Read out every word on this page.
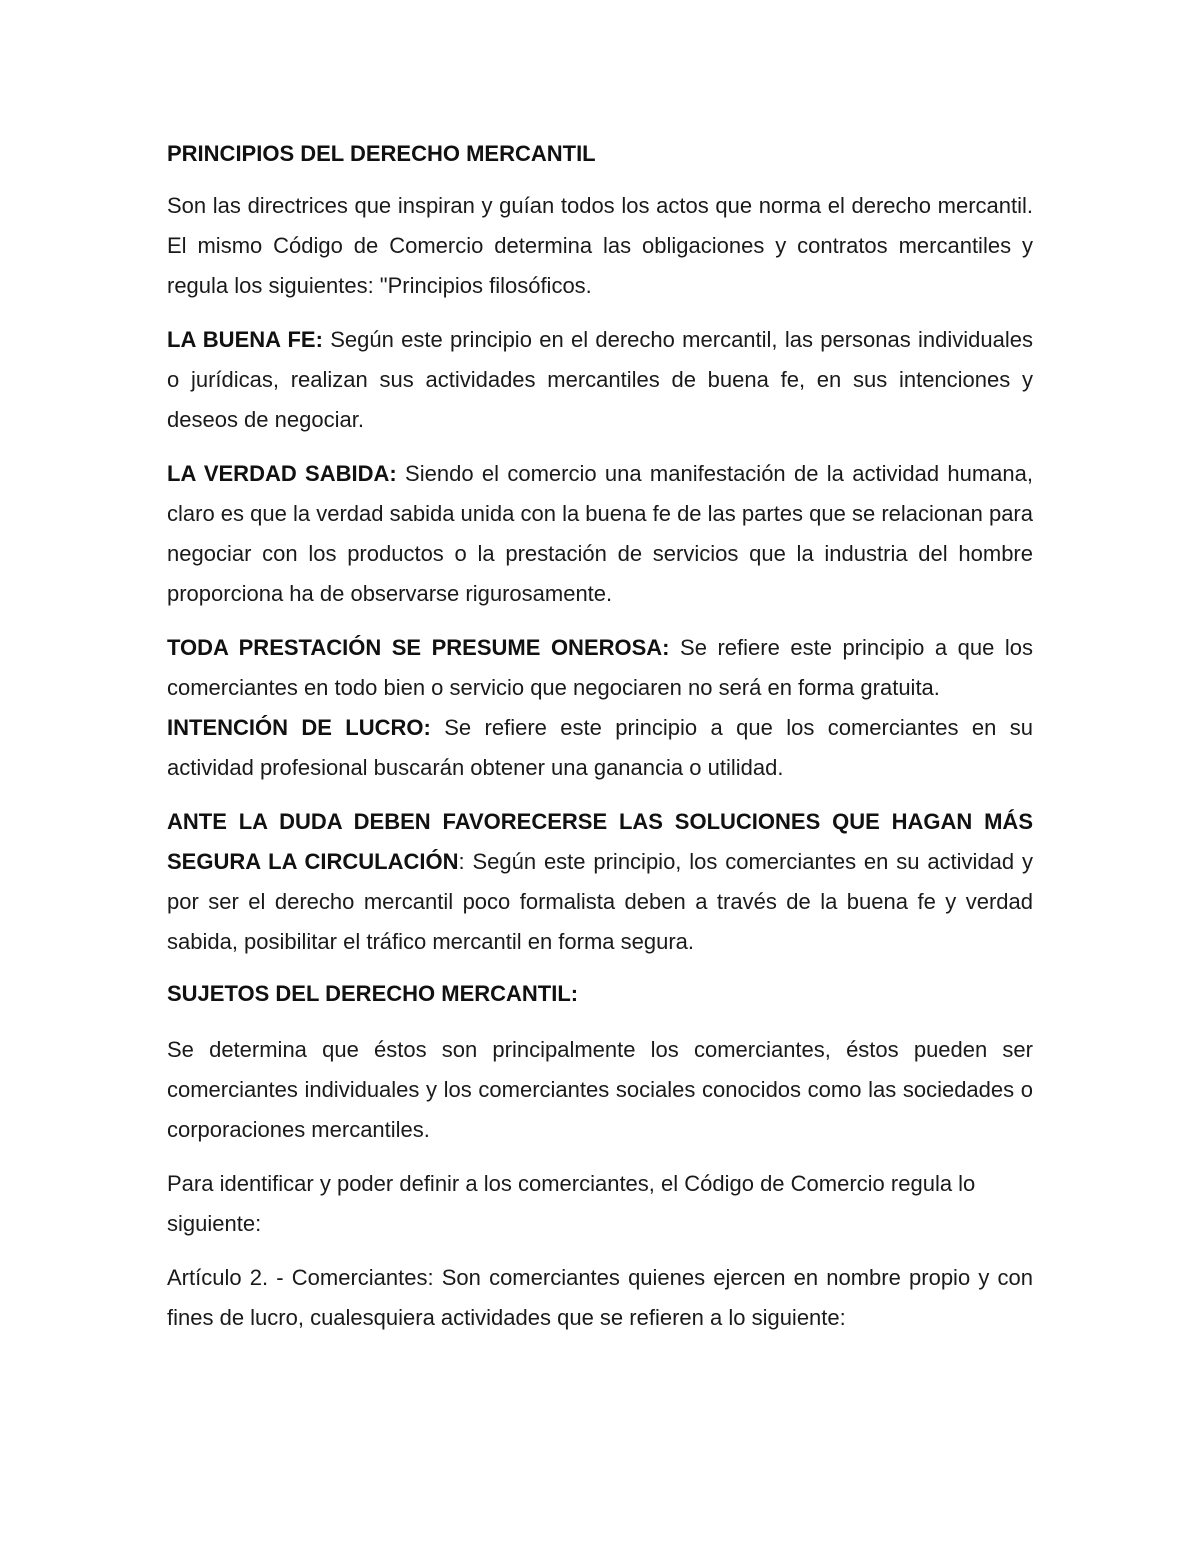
PRINCIPIOS DEL DERECHO MERCANTIL

Son las directrices que inspiran y guían todos los actos que norma el derecho mercantil. El mismo Código de Comercio determina las obligaciones y contratos mercantiles y regula los siguientes: "Principios filosóficos.

LA BUENA FE: Según este principio en el derecho mercantil, las personas individuales o jurídicas, realizan sus actividades mercantiles de buena fe, en sus intenciones y deseos de negociar.

LA VERDAD SABIDA: Siendo el comercio una manifestación de la actividad humana, claro es que la verdad sabida unida con la buena fe de las partes que se relacionan para negociar con los productos o la prestación de servicios que la industria del hombre proporciona ha de observarse rigurosamente.

TODA PRESTACIÓN SE PRESUME ONEROSA: Se refiere este principio a que los comerciantes en todo bien o servicio que negociaren no será en forma gratuita.

INTENCIÓN DE LUCRO: Se refiere este principio a que los comerciantes en su actividad profesional buscarán obtener una ganancia o utilidad.

ANTE LA DUDA DEBEN FAVORECERSE LAS SOLUCIONES QUE HAGAN MÁS SEGURA LA CIRCULACIÓN: Según este principio, los comerciantes en su actividad y por ser el derecho mercantil poco formalista deben a través de la buena fe y verdad sabida, posibilitar el tráfico mercantil en forma segura.

SUJETOS DEL DERECHO MERCANTIL:

Se determina que éstos son principalmente los comerciantes, éstos pueden ser comerciantes individuales y los comerciantes sociales conocidos como las sociedades o corporaciones mercantiles.

Para identificar y poder definir a los comerciantes, el Código de Comercio regula lo siguiente:

Artículo 2. - Comerciantes: Son comerciantes quienes ejercen en nombre propio y con fines de lucro, cualesquiera actividades que se refieren a lo siguiente:
